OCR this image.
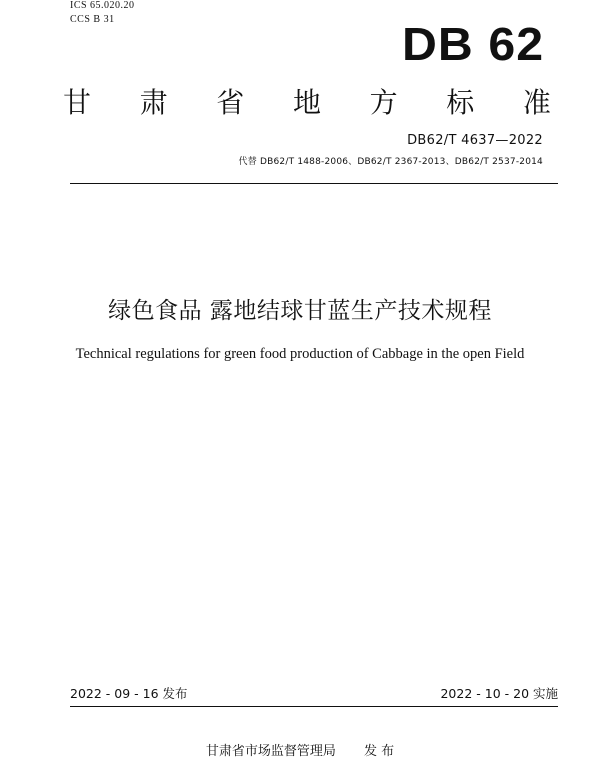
ICS 65.020.20
CCS B 31	DB 62
甘 肃 省 地 方 标 准
DB62/T 4637—2022
代替 DB62/T 1488-2006、DB62/T 2367-2013、DB62/T 2537-2014
绿色食品 露地结球甘蓝生产技术规程
Technical regulations for green food production of Cabbage in the open Field
2022 - 09 - 16 发布	2022 - 10 - 20 实施
甘肃省市场监督管理局 发 布
